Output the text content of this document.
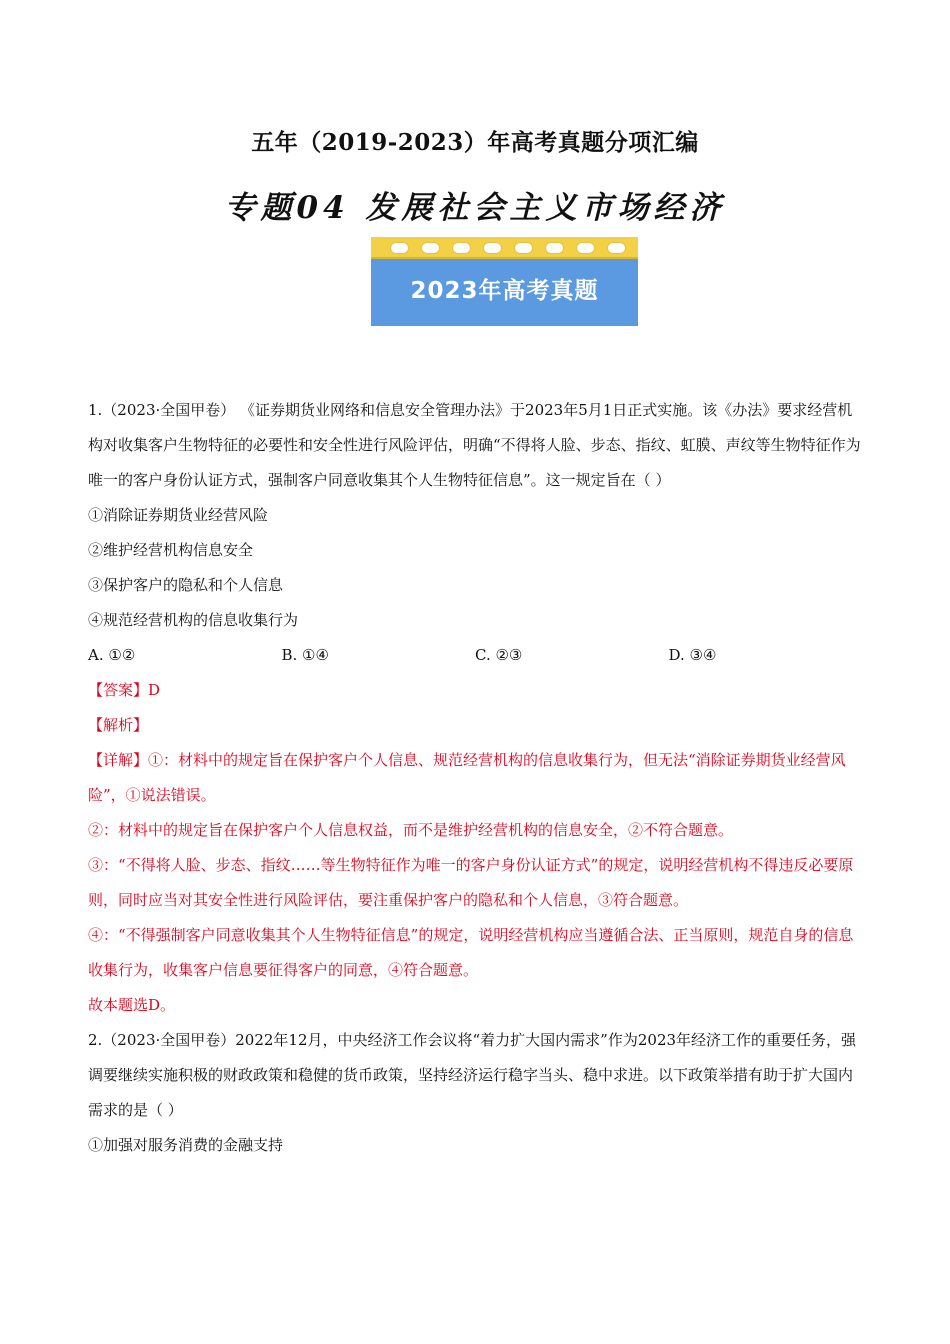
五年（2019-2023）年高考真题分项汇编
专题04 发展社会主义市场经济
2023年高考真题

1.（2023·全国甲卷） 《证券期货业网络和信息安全管理办法》于2023年5月1日正式实施。该《办法》要求经营机构对收集客户生物特征的必要性和安全性进行风险评估，明确“不得将人脸、步态、指纹、虹膜、声纹等生物特征作为唯一的客户身份认证方式，强制客户同意收集其个人生物特征信息”。这一规定旨在（ ）

①消除证券期货业经营风险

②维护经营机构信息安全

③保护客户的隐私和个人信息

④规范经营机构的信息收集行为

A. ①②	B. ①④	C. ②③	D. ③④

【答案】D

【解析】

【详解】①：材料中的规定旨在保护客户个人信息、规范经营机构的信息收集行为，但无法“消除证券期货业经营风险”，①说法错误。

②：材料中的规定旨在保护客户个人信息权益，而不是维护经营机构的信息安全，②不符合题意。

③：“不得将人脸、步态、指纹……等生物特征作为唯一的客户身份认证方式”的规定，说明经营机构不得违反必要原则，同时应当对其安全性进行风险评估，要注重保护客户的隐私和个人信息，③符合题意。

④：“不得强制客户同意收集其个人生物特征信息”的规定，说明经营机构应当遵循合法、正当原则，规范自身的信息收集行为，收集客户信息要征得客户的同意，④符合题意。

故本题选D。

2.（2023·全国甲卷）2022年12月，中央经济工作会议将“着力扩大国内需求”作为2023年经济工作的重要任务，强调要继续实施积极的财政政策和稳健的货币政策，坚持经济运行稳字当头、稳中求进。以下政策举措有助于扩大国内需求的是（ ）

①加强对服务消费的金融支持
